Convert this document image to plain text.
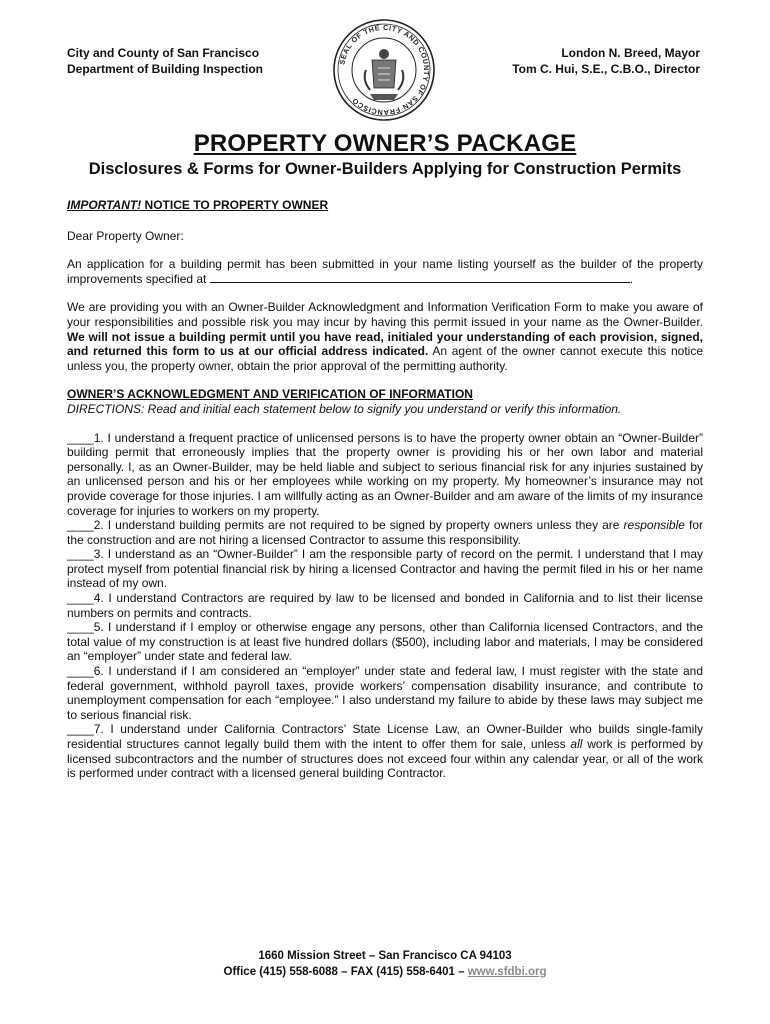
City and County of San Francisco
Department of Building Inspection
SEAL OF THE CITY AND COUNTY OF SAN FRANCISCO
London N. Breed, Mayor
Tom C. Hui, S.E., C.B.O., Director
PROPERTY OWNER’S PACKAGE
Disclosures & Forms for Owner-Builders Applying for Construction Permits

IMPORTANT! NOTICE TO PROPERTY OWNER

Dear Property Owner:

An application for a building permit has been submitted in your name listing yourself as the builder of the property improvements specified at	.

We are providing you with an Owner-Builder Acknowledgment and Information Verification Form to make you aware of your responsibilities and possible risk you may incur by having this permit issued in your name as the Owner-Builder. We will not issue a building permit until you have read, initialed your understanding of each provision, signed, and returned this form to us at our official address indicated. An agent of the owner cannot execute this notice unless you, the property owner, obtain the prior approval of the permitting authority.

OWNER’S ACKNOWLEDGMENT AND VERIFICATION OF INFORMATION

DIRECTIONS: Read and initial each statement below to signify you understand or verify this information.

____1. I understand a frequent practice of unlicensed persons is to have the property owner obtain an “Owner-Builder” building permit that erroneously implies that the property owner is providing his or her own labor and material personally. I, as an Owner-Builder, may be held liable and subject to serious financial risk for any injuries sustained by an unlicensed person and his or her employees while working on my property. My homeowner’s insurance may not provide coverage for those injuries. I am willfully acting as an Owner-Builder and am aware of the limits of my insurance coverage for injuries to workers on my property.

____2. I understand building permits are not required to be signed by property owners unless they are responsible for the construction and are not hiring a licensed Contractor to assume this responsibility.

____3. I understand as an “Owner-Builder” I am the responsible party of record on the permit. I understand that I may protect myself from potential financial risk by hiring a licensed Contractor and having the permit filed in his or her name instead of my own.

____4. I understand Contractors are required by law to be licensed and bonded in California and to list their license numbers on permits and contracts.

____5. I understand if I employ or otherwise engage any persons, other than California licensed Contractors, and the total value of my construction is at least five hundred dollars ($500), including labor and materials, I may be considered an “employer” under state and federal law.

____6. I understand if I am considered an “employer” under state and federal law, I must register with the state and federal government, withhold payroll taxes, provide workers’ compensation disability insurance, and contribute to unemployment compensation for each “employee.” I also understand my failure to abide by these laws may subject me to serious financial risk.

____7. I understand under California Contractors’ State License Law, an Owner-Builder who builds single-family residential structures cannot legally build them with the intent to offer them for sale, unless all work is performed by licensed subcontractors and the number of structures does not exceed four within any calendar year, or all of the work is performed under contract with a licensed general building Contractor.

1660 Mission Street – San Francisco CA 94103
Office (415) 558-6088 – FAX (415) 558-6401 – www.sfdbi.org
